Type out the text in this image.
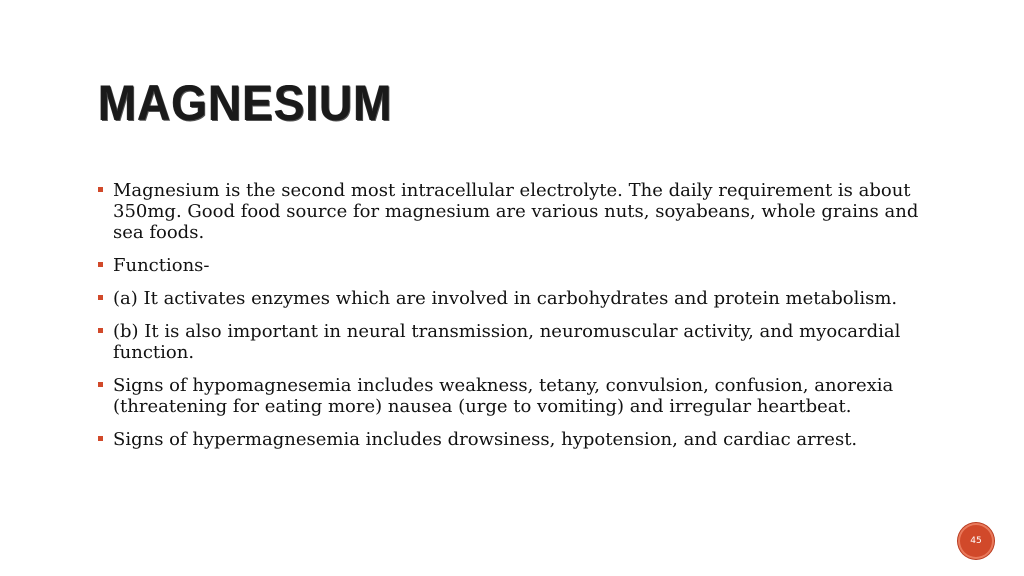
MAGNESIUM
Magnesium is the second most intracellular electrolyte. The daily requirement is about 350mg. Good food source for magnesium are various nuts, soyabeans, whole grains and sea foods.
Functions-
(a) It activates enzymes which are involved in carbohydrates and protein metabolism.
(b) It is also important in neural transmission, neuromuscular activity, and myocardial function.
Signs of hypomagnesemia includes weakness, tetany, convulsion, confusion, anorexia (threatening for eating more) nausea (urge to vomiting) and irregular heartbeat.
Signs of hypermagnesemia includes drowsiness, hypotension, and cardiac arrest.
45
